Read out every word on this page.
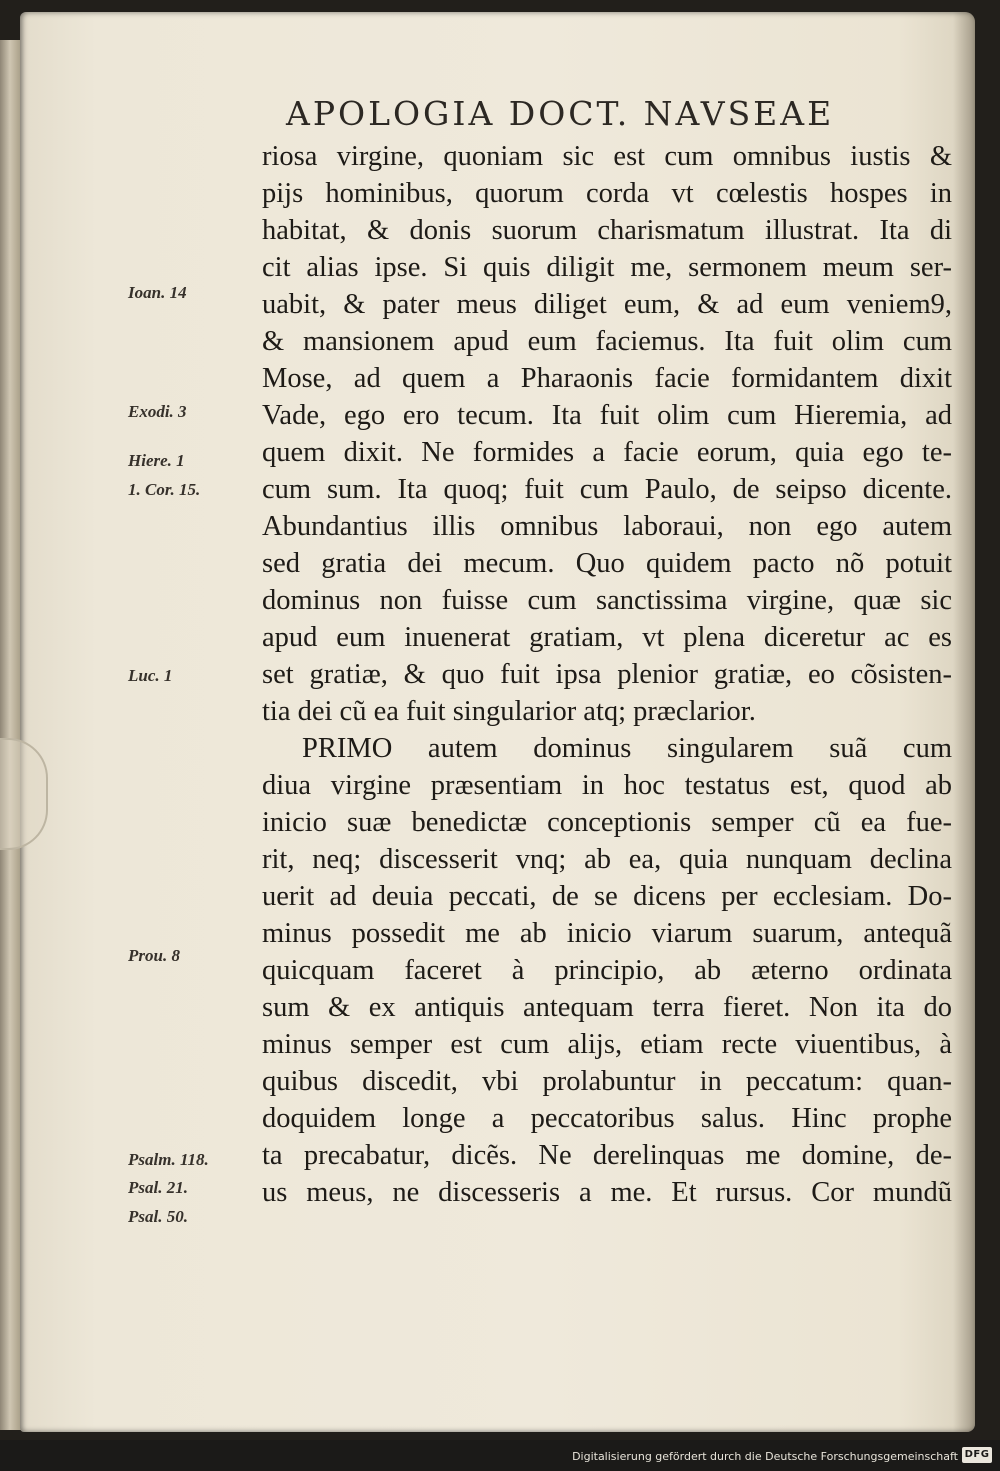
APOLOGIA DOCT. NAVSEAE
riosa virgine, quoniam sic est cum omnibus iustis &
pijs hominibus, quorum corda vt cœlestis hospes in
habitat, & donis suorum charismatum illustrat. Ita di
cit alias ipse. Si quis diligit me, sermonem meum ser-
uabit, & pater meus diliget eum, & ad eum veniem9,
& mansionem apud eum faciemus. Ita fuit olim cum
Mose, ad quem a Pharaonis facie formidantem dixit
Vade, ego ero tecum. Ita fuit olim cum Hieremia, ad
quem dixit. Ne formides a facie eorum, quia ego te-
cum sum. Ita quoq; fuit cum Paulo, de seipso dicente.
Abundantius illis omnibus laboraui, non ego autem
sed gratia dei mecum. Quo quidem pacto nõ potuit
dominus non fuisse cum sanctissima virgine, quæ sic
apud eum inuenerat gratiam, vt plena diceretur ac es
set gratiæ, & quo fuit ipsa plenior gratiæ, eo cõsisten-
tia dei cũ ea fuit singularior atq; præclarior.
PRIMO autem dominus singularem suã cum
diua virgine præsentiam in hoc testatus est, quod ab
inicio suæ benedictæ conceptionis semper cũ ea fue-
rit, neq; discesserit vnq; ab ea, quia nunquam declina
uerit ad deuia peccati, de se dicens per ecclesiam. Do-
minus possedit me ab inicio viarum suarum, antequã
quicquam faceret à principio, ab æterno ordinata
sum & ex antiquis antequam terra fieret. Non ita do
minus semper est cum alijs, etiam recte viuentibus, à
quibus discedit, vbi prolabuntur in peccatum: quan-
doquidem longe a peccatoribus salus. Hinc prophe
ta precabatur, dicẽs. Ne derelinquas me domine, de-
us meus, ne discesseris a me. Et rursus. Cor mundũ
Ioan. 14
Exodi. 3
Hiere. 1
1. Cor. 15.
Luc. 1
Prou. 8
Psalm. 118.
Psal. 21.
Psal. 50.
Digitalisierung gefördert durch die Deutsche Forschungsgemeinschaft DFG
